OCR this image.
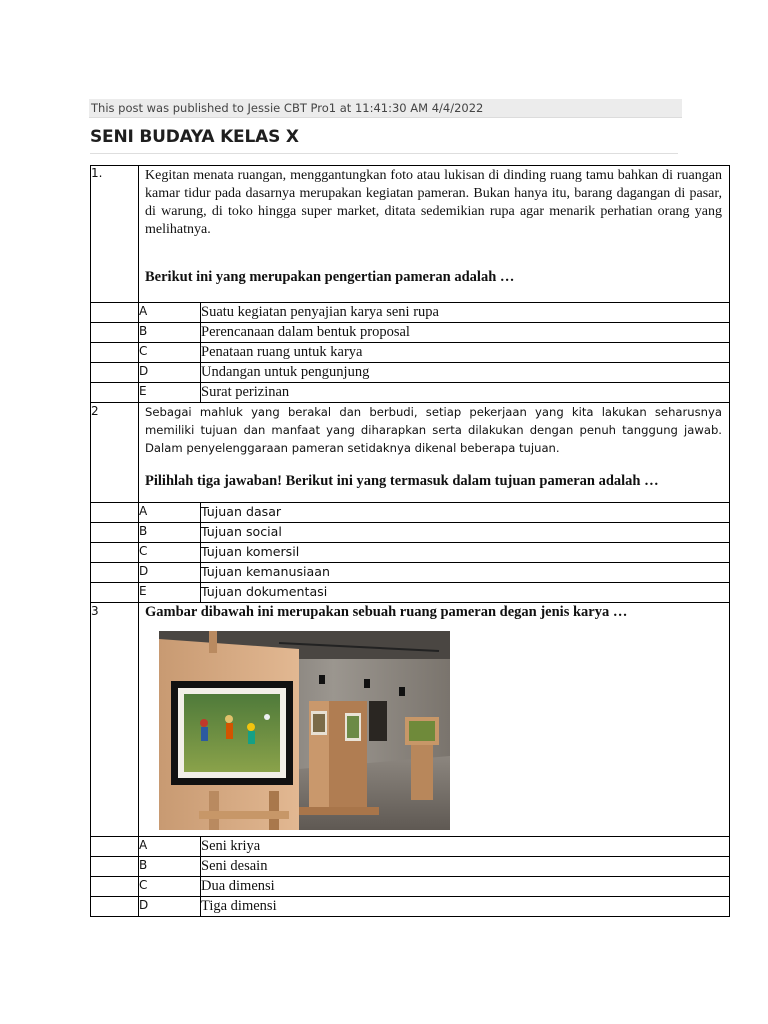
This post was published to Jessie CBT Pro1 at 11:41:30 AM 4/4/2022
SENI BUDAYA KELAS X
1.	Kegitan menata ruangan, menggantungkan foto atau lukisan di dinding ruang tamu bahkan di ruangan kamar tidur pada dasarnya merupakan kegiatan pameran. Bukan hanya itu, barang dagangan di pasar, di warung, di toko hingga super market, ditata sedemikian rupa agar menarik perhatian orang yang melihatnya.
Berikut ini yang merupakan pengertian pameran adalah …	

	A	Suatu kegiatan penyajian karya seni rupa
	B	Perencanaan dalam bentuk proposal
	C	Penataan ruang untuk karya
	D	Undangan untuk pengunjung
	E	Surat perizinan
2	Sebagai mahluk yang berakal dan berbudi, setiap pekerjaan yang kita lakukan seharusnya memiliki tujuan dan manfaat yang diharapkan serta dilakukan dengan penuh tanggung jawab. Dalam penyelenggaraan pameran setidaknya dikenal beberapa tujuan.
Pilihlah tiga jawaban! Berikut ini yang termasuk dalam tujuan pameran adalah …	

	A	Tujuan dasar
	B	Tujuan social
	C	Tujuan komersil
	D	Tujuan kemanusiaan
	E	Tujuan dokumentasi
3	Gambar dibawah ini merupakan sebuah ruang pameran degan jenis karya …	

	A	Seni kriya
	B	Seni desain
	C	Dua dimensi
	D	Tiga dimensi
